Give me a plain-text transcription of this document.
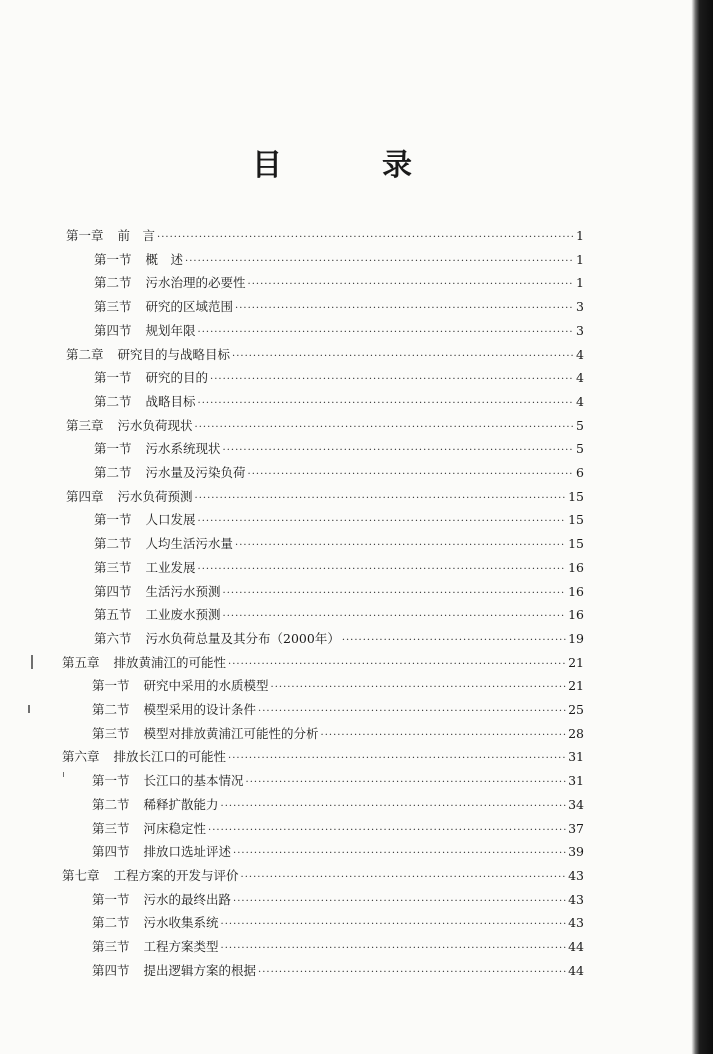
目	录
第一章 前　言 ·····	1
第一节 概　述 ·····	1
第二节 污水治理的必要性 ·····	1
第三节 研究的区域范围 ·····	3
第四节 规划年限 ·····	3
第二章 研究目的与战略目标 ·····	4
第一节 研究的目的 ·····	4
第二节 战略目标 ·····	4
第三章 污水负荷现状 ·····	5
第一节 污水系统现状 ·····	5
第二节 污水量及污染负荷 ·····	6
第四章 污水负荷预测 ·····	15
第一节 人口发展 ·····	15
第二节 人均生活污水量 ·····	15
第三节 工业发展 ·····	16
第四节 生活污水预测 ·····	16
第五节 工业废水预测 ·····	16
第六节 污水负荷总量及其分布（2000年） ·····	19
第五章 排放黄浦江的可能性 ·····	21
第一节 研究中采用的水质模型 ·····	21
第二节 模型采用的设计条件 ·····	25
第三节 模型对排放黄浦江可能性的分析 ·····	28
第六章 排放长江口的可能性 ·····	31
第一节 长江口的基本情况 ·····	31
第二节 稀释扩散能力 ·····	34
第三节 河床稳定性 ·····	37
第四节 排放口选址评述 ·····	39
第七章 工程方案的开发与评价 ·····	43
第一节 污水的最终出路 ·····	43
第二节 污水收集系统 ·····	43
第三节 工程方案类型 ·····	44
第四节 提出逻辑方案的根据 ·····	44
